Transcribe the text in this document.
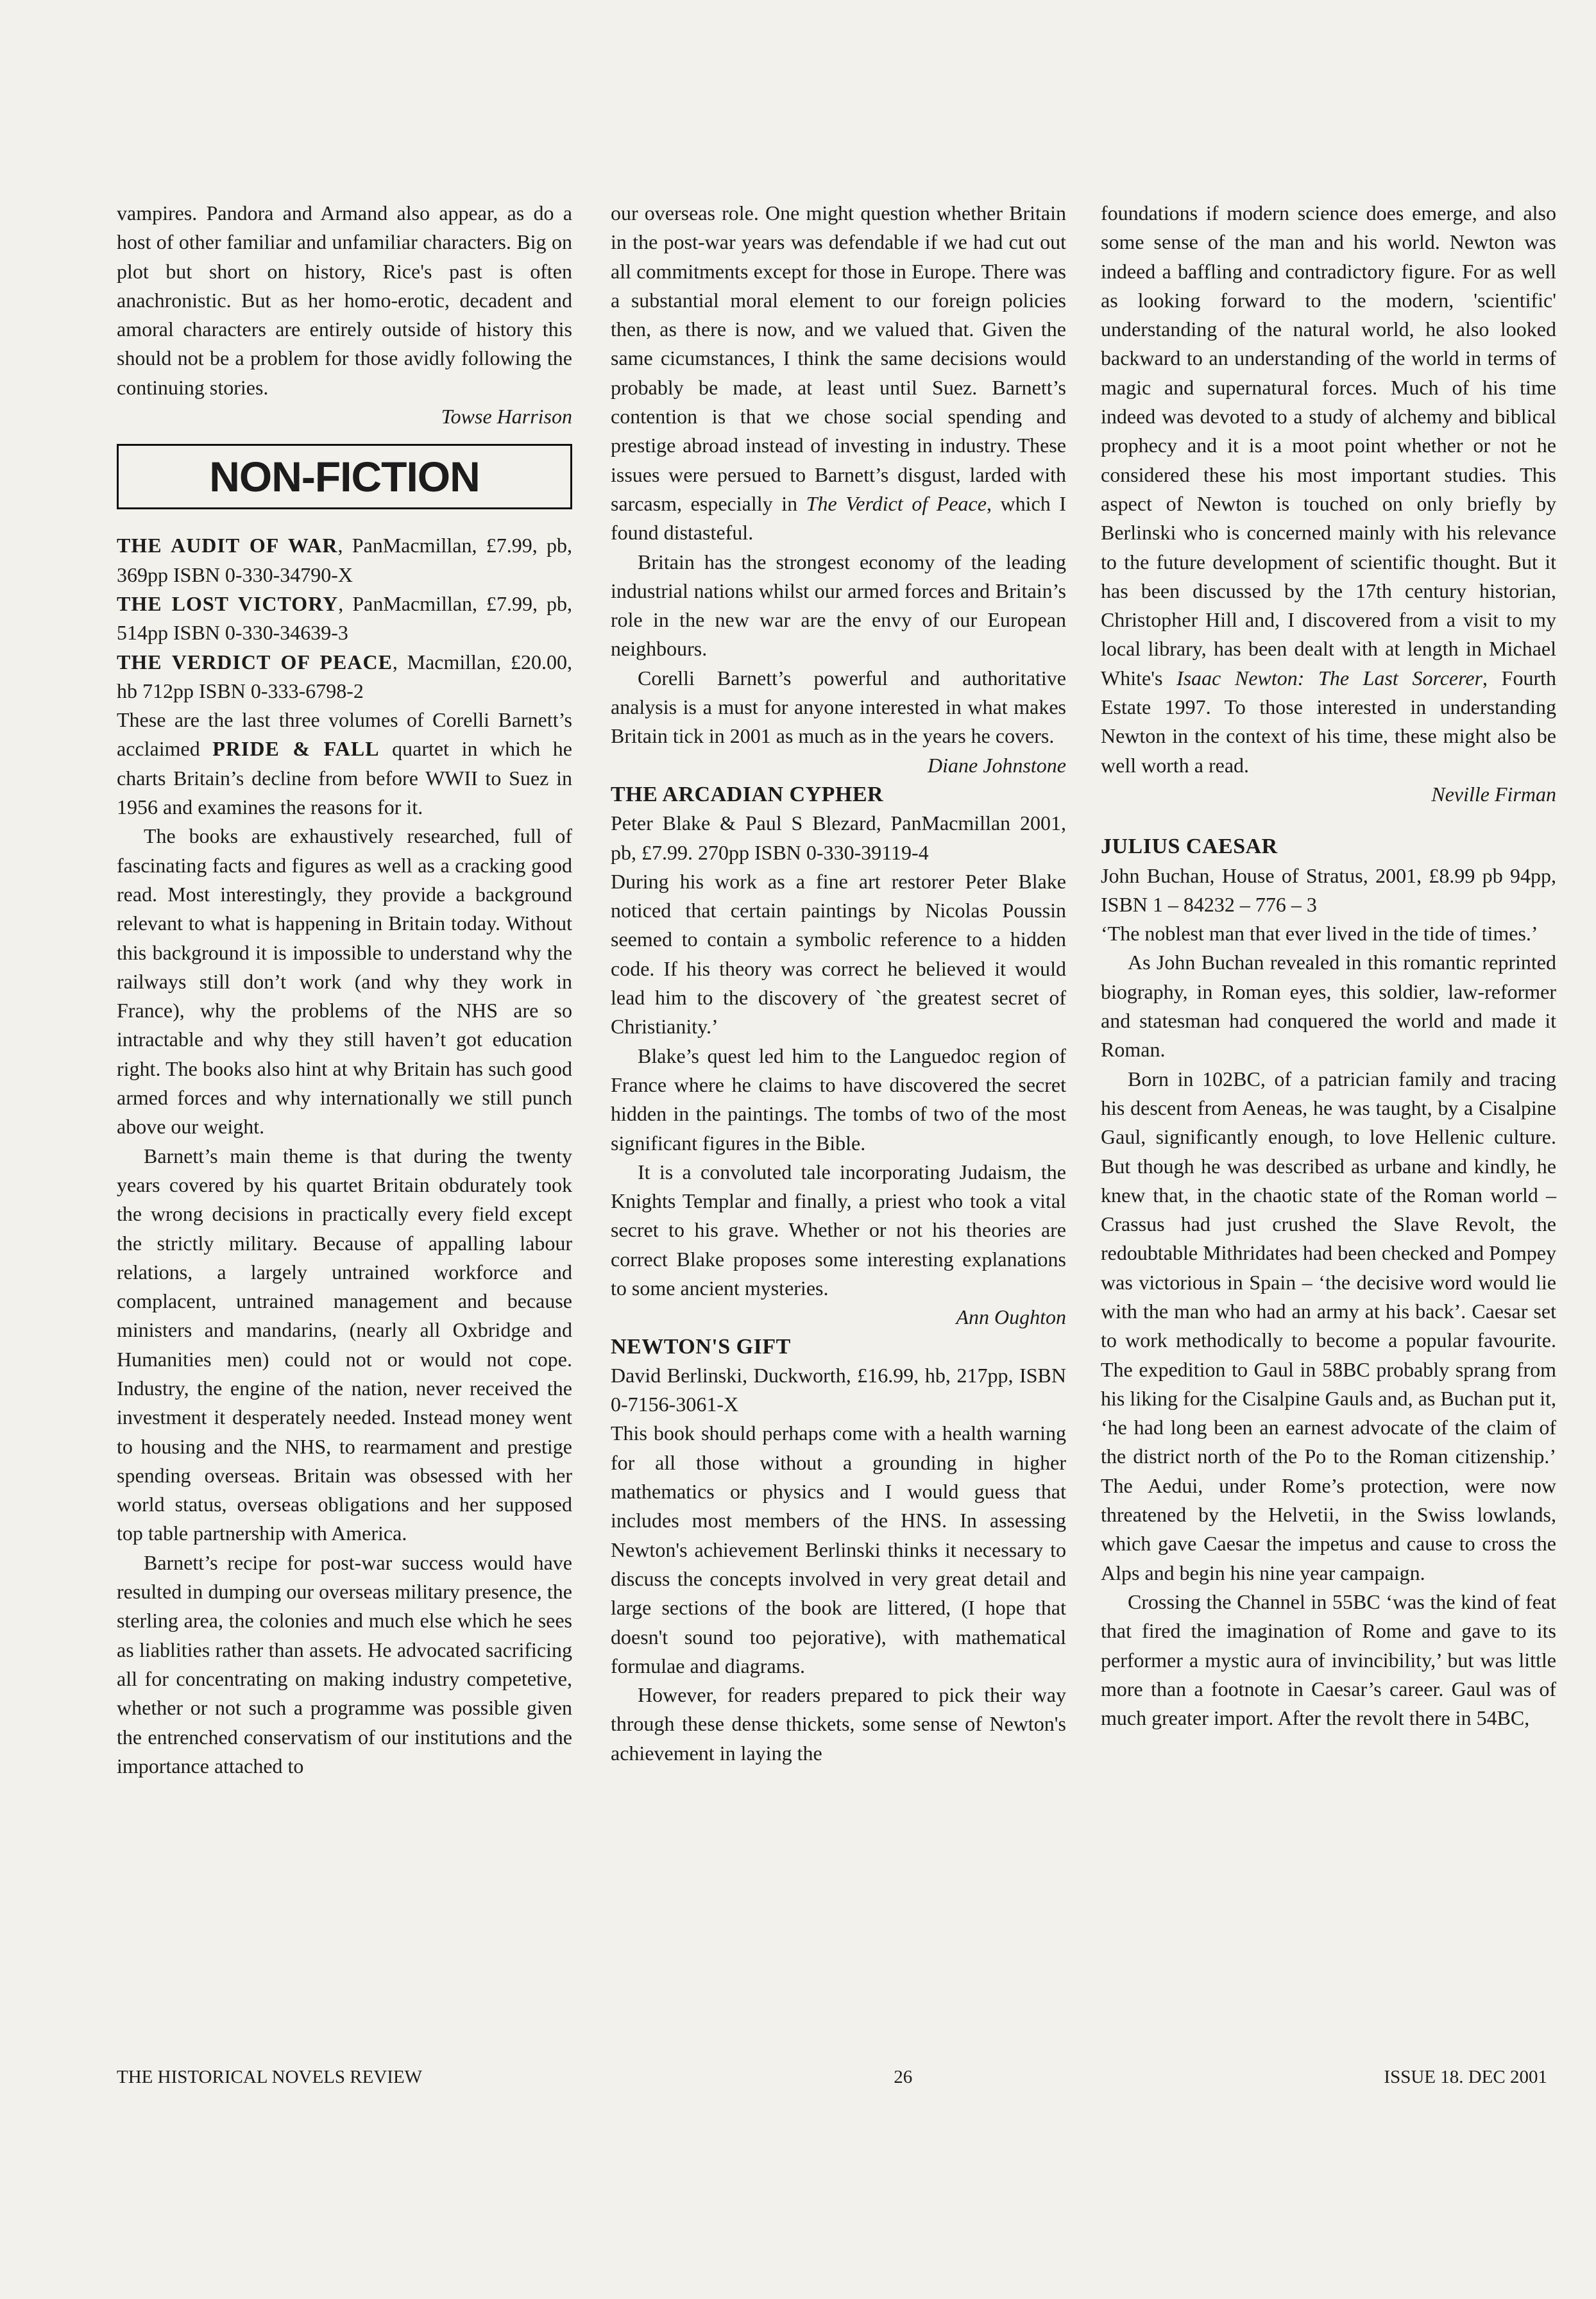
vampires. Pandora and Armand also appear, as do a host of other familiar and unfamiliar characters. Big on plot but short on history, Rice's past is often anachronistic. But as her homo-erotic, decadent and amoral characters are entirely outside of history this should not be a problem for those avidly following the continuing stories.

Towse Harrison

NON-FICTION

THE AUDIT OF WAR, PanMacmillan, £7.99, pb, 369pp ISBN 0-330-34790-X

THE LOST VICTORY, PanMacmillan, £7.99, pb, 514pp ISBN 0-330-34639-3

THE VERDICT OF PEACE, Macmillan, £20.00, hb 712pp ISBN 0-333-6798-2

These are the last three volumes of Corelli Barnett’s acclaimed PRIDE & FALL quartet in which he charts Britain’s decline from before WWII to Suez in 1956 and examines the reasons for it.

The books are exhaustively researched, full of fascinating facts and figures as well as a cracking good read. Most interestingly, they provide a background relevant to what is happening in Britain today. Without this background it is impossible to understand why the railways still don’t work (and why they work in France), why the problems of the NHS are so intractable and why they still haven’t got education right. The books also hint at why Britain has such good armed forces and why internationally we still punch above our weight.

Barnett’s main theme is that during the twenty years covered by his quartet Britain obdurately took the wrong decisions in practically every field except the strictly military. Because of appalling labour relations, a largely untrained workforce and complacent, untrained management and because ministers and mandarins, (nearly all Oxbridge and Humanities men) could not or would not cope. Industry, the engine of the nation, never received the investment it desperately needed. Instead money went to housing and the NHS, to rearmament and prestige spending overseas. Britain was obsessed with her world status, overseas obligations and her supposed top table partnership with America.

Barnett’s recipe for post-war success would have resulted in dumping our overseas military presence, the sterling area, the colonies and much else which he sees as liablities rather than assets. He advocated sacrificing all for concentrating on making industry competetive, whether or not such a programme was possible given the entrenched conservatism of our institutions and the importance attached to

our overseas role. One might question whether Britain in the post-war years was defendable if we had cut out all commitments except for those in Europe. There was a substantial moral element to our foreign policies then, as there is now, and we valued that. Given the same cicumstances, I think the same decisions would probably be made, at least until Suez. Barnett’s contention is that we chose social spending and prestige abroad instead of investing in industry. These issues were persued to Barnett’s disgust, larded with sarcasm, especially in The Verdict of Peace, which I found distasteful.

Britain has the strongest economy of the leading industrial nations whilst our armed forces and Britain’s role in the new war are the envy of our European neighbours.

Corelli Barnett’s powerful and authoritative analysis is a must for anyone interested in what makes Britain tick in 2001 as much as in the years he covers.

Diane Johnstone

THE ARCADIAN CYPHER

Peter Blake & Paul S Blezard, PanMacmillan 2001, pb, £7.99. 270pp ISBN 0-330-39119-4

During his work as a fine art restorer Peter Blake noticed that certain paintings by Nicolas Poussin seemed to contain a symbolic reference to a hidden code. If his theory was correct he believed it would lead him to the discovery of `the greatest secret of Christianity.’

Blake’s quest led him to the Languedoc region of France where he claims to have discovered the secret hidden in the paintings. The tombs of two of the most significant figures in the Bible.

It is a convoluted tale incorporating Judaism, the Knights Templar and finally, a priest who took a vital secret to his grave. Whether or not his theories are correct Blake proposes some interesting explanations to some ancient mysteries.

Ann Oughton

NEWTON'S GIFT

David Berlinski, Duckworth, £16.99, hb, 217pp, ISBN 0-7156-3061-X

This book should perhaps come with a health warning for all those without a grounding in higher mathematics or physics and I would guess that includes most members of the HNS. In assessing Newton's achievement Berlinski thinks it necessary to discuss the concepts involved in very great detail and large sections of the book are littered, (I hope that doesn't sound too pejorative), with mathematical formulae and diagrams.

However, for readers prepared to pick their way through these dense thickets, some sense of Newton's achievement in laying the

foundations if modern science does emerge, and also some sense of the man and his world. Newton was indeed a baffling and contradictory figure. For as well as looking forward to the modern, 'scientific' understanding of the natural world, he also looked backward to an understanding of the world in terms of magic and supernatural forces. Much of his time indeed was devoted to a study of alchemy and biblical prophecy and it is a moot point whether or not he considered these his most important studies. This aspect of Newton is touched on only briefly by Berlinski who is concerned mainly with his relevance to the future development of scientific thought. But it has been discussed by the 17th century historian, Christopher Hill and, I discovered from a visit to my local library, has been dealt with at length in Michael White's Isaac Newton: The Last Sorcerer, Fourth Estate 1997. To those interested in understanding Newton in the context of his time, these might also be well worth a read.

Neville Firman

JULIUS CAESAR

John Buchan, House of Stratus, 2001, £8.99 pb 94pp, ISBN 1 – 84232 – 776 – 3

‘The noblest man that ever lived in the tide of times.’

As John Buchan revealed in this romantic reprinted biography, in Roman eyes, this soldier, law-reformer and statesman had conquered the world and made it Roman.

Born in 102BC, of a patrician family and tracing his descent from Aeneas, he was taught, by a Cisalpine Gaul, significantly enough, to love Hellenic culture. But though he was described as urbane and kindly, he knew that, in the chaotic state of the Roman world – Crassus had just crushed the Slave Revolt, the redoubtable Mithridates had been checked and Pompey was victorious in Spain – ‘the decisive word would lie with the man who had an army at his back’. Caesar set to work methodically to become a popular favourite. The expedition to Gaul in 58BC probably sprang from his liking for the Cisalpine Gauls and, as Buchan put it, ‘he had long been an earnest advocate of the claim of the district north of the Po to the Roman citizenship.’ The Aedui, under Rome’s protection, were now threatened by the Helvetii, in the Swiss lowlands, which gave Caesar the impetus and cause to cross the Alps and begin his nine year campaign.

Crossing the Channel in 55BC ‘was the kind of feat that fired the imagination of Rome and gave to its performer a mystic aura of invincibility,’ but was little more than a footnote in Caesar’s career. Gaul was of much greater import. After the revolt there in 54BC,

THE HISTORICAL NOVELS REVIEW	26	ISSUE 18. DEC 2001
